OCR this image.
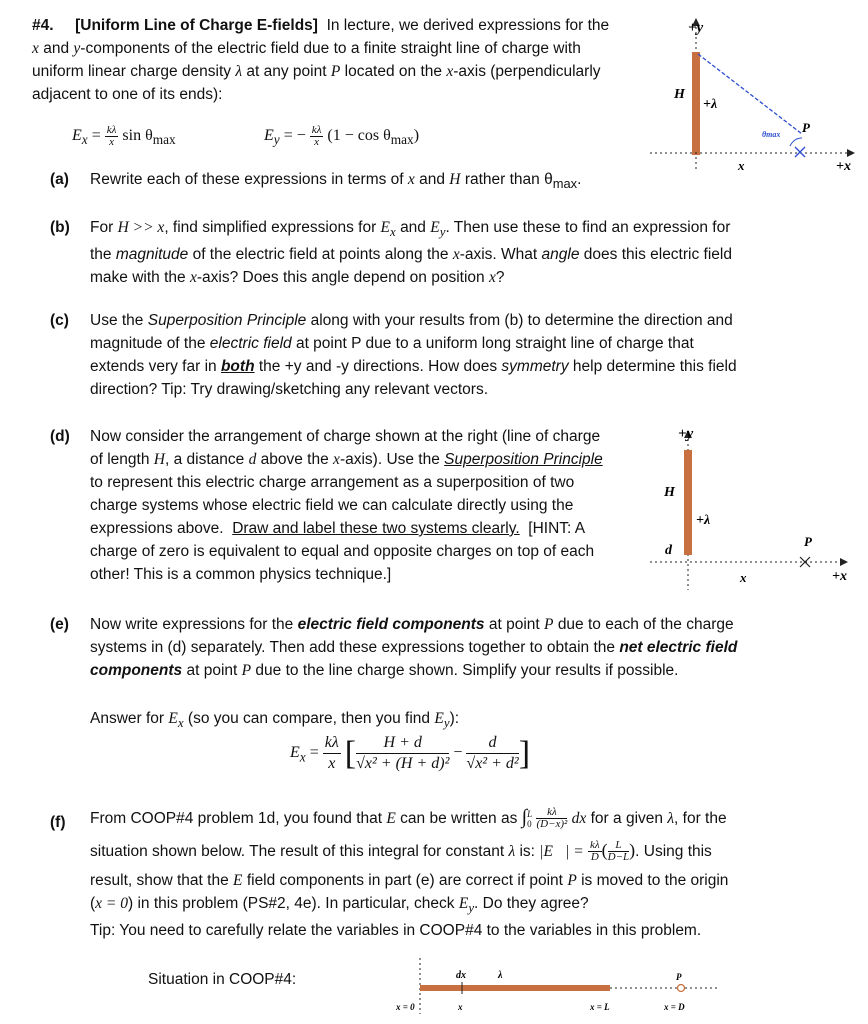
#4. [Uniform Line of Charge E-fields] In lecture, we derived expressions for the
x and y-components of the electric field due to a finite straight line of charge with
uniform linear charge density λ at any point P located on the x-axis (perpendicularly
adjacent to one of its ends):
$E_x = \frac{k\lambda}{x}$ $\sin \theta_{max}$	$E_y$ = − $\frac{k\lambda}{x} (1 - \cos \theta_{max})$
+y
H
+λ
θmax P
x	+x
(a) Rewrite each of these expressions in terms of x and H rather than $\theta_{max}$.
(b) For H >> x, find simplified expressions for $E_x$ and $E_y$. Then use these to find an expression for
the magnitude of the electric field at points along the x-axis. What angle does this electric field
make with the x-axis? Does this angle depend on position x?
(c) Use the Superposition Principle along with your results from (b) to determine the direction and
magnitude of the electric field at point P due to a uniform long straight line of charge that
extends very far in both the +y and -y directions. How does symmetry help determine this field
direction? Tip: Try drawing/sketching any relevant vectors.
(d) Now consider the arrangement of charge shown at the right (line of charge
of length H, a distance d above the x-axis). Use the Superposition Principle
to represent this electric charge arrangement as a superposition of two
charge systems whose electric field we can calculate directly using the
expressions above. Draw and label these two systems clearly. [HINT: A
charge of zero is equivalent to equal and opposite charges on top of each
other! This is a common physics technique.]
+y
H
+λ
d
P
x	+x
(e) Now write expressions for the electric field components at point P due to each of the charge
systems in (d) separately. Then add these expressions together to obtain the net electric field
components at point P due to the line charge shown. Simplify your results if possible.
Answer for $E_x$ (so you can compare, then you find $E_y$):
$E_x = \frac{k\lambda}{x}$ [ $\frac{H + d}{\text{√x² + (H + d)²}} - \frac{d}{\text{√x² + d²}}$ ]
(f) From COOP#4 problem 1d, you found that E can be written as ∫ L
0
$\frac{k\lambda}{\text{(D−x)²}}$ dx for a given λ, for the
situation shown below. The result of this integral for constant λ is: |E⃗| = $\frac{k\lambda}{D}$ ( $\frac{L}{D-L}$ ). Using this
result, show that the E field components in part (e) are correct if point P is moved to the origin
(x = 0) in this problem (PS#2, 4e). In particular, check $E_y$. Do they agree?
Tip: You need to carefully relate the variables in COOP#4 to the variables in this problem.
Situation in COOP#4:	dx	λ	P
x = 0	x	x = L	x = D
